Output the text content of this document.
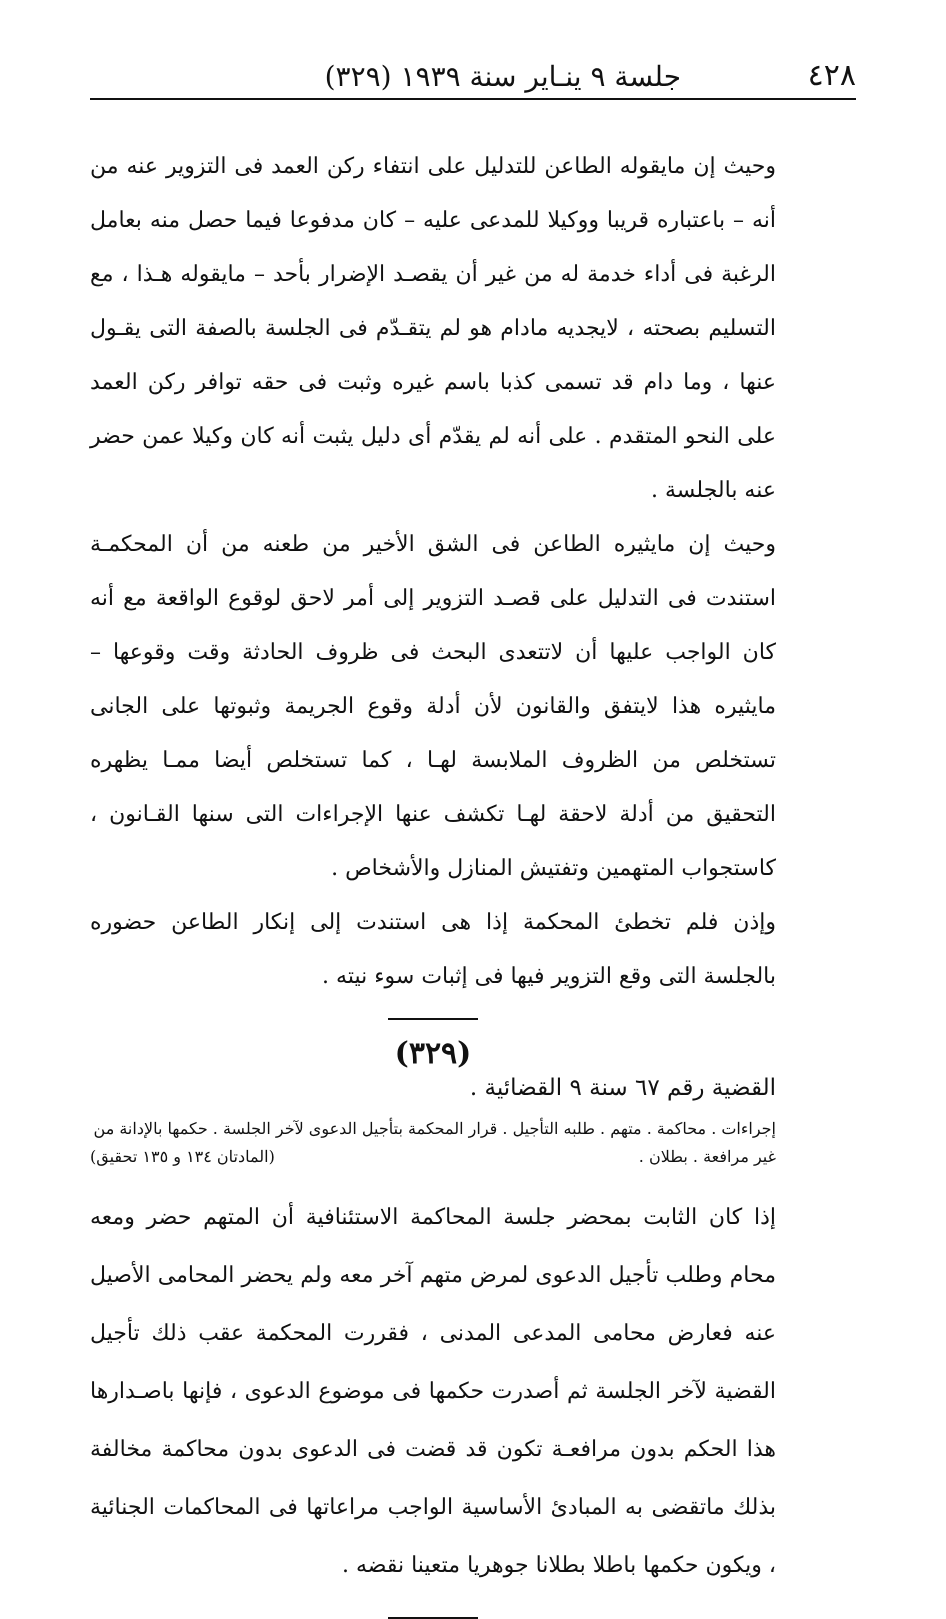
٤٢٨
جلسة ٩ ينـاير سنة ١٩٣٩ (٣٢٩)

وحيث إن مايقوله الطاعن للتدليل على انتفاء ركن العمد فى التزوير عنه من أنه – باعتباره قريبا ووكيلا للمدعى عليه – كان مدفوعا فيما حصل منه بعامل الرغبة فى أداء خدمة له من غير أن يقصـد الإضرار بأحد – مايقوله هـذا ، مع التسليم بصحته ، لايجديه مادام هو لم يتقـدّم فى الجلسة بالصفة التى يقـول عنها ، وما دام قد تسمى كذبا باسم غيره وثبت فى حقه توافر ركن العمد على النحو المتقدم . على أنه لم يقدّم أى دليل يثبت أنه كان وكيلا عمن حضر عنه بالجلسة .

وحيث إن مايثيره الطاعن فى الشق الأخير من طعنه من أن المحكمـة استندت فى التدليل على قصـد التزوير إلى أمر لاحق لوقوع الواقعة مع أنه كان الواجب عليها أن لاتتعدى البحث فى ظروف الحادثة وقت وقوعها – مايثيره هذا لايتفق والقانون لأن أدلة وقوع الجريمة وثبوتها على الجانى تستخلص من الظروف الملابسة لهـا ، كما تستخلص أيضا ممـا يظهره التحقيق من أدلة لاحقة لهـا تكشف عنها الإجراءات التى سنها القـانون ، كاستجواب المتهمين وتفتيش المنازل والأشخاص .

وإذن فلم تخطئ المحكمة إذا هى استندت إلى إنكار الطاعن حضوره بالجلسة التى وقع التزوير فيها فى إثبات سوء نيته .

(٣٢٩)
القضية رقم ٦٧ سنة ٩ القضائية .
إجراءات . محاكمة . متهم . طلبه التأجيل . قرار المحكمة بتأجيل الدعوى لآخر الجلسة . حكمها بالإدانة من غير مرافعة . بطلان .
(المادتان ١٣٤ و ١٣٥ تحقيق)

إذا كان الثابت بمحضر جلسة المحاكمة الاستئنافية أن المتهم حضر ومعه محام وطلب تأجيل الدعوى لمرض متهم آخر معه ولم يحضر المحامى الأصيل عنه فعارض محامى المدعى المدنى ، فقررت المحكمة عقب ذلك تأجيل القضية لآخر الجلسة ثم أصدرت حكمها فى موضوع الدعوى ، فإنها باصـدارها هذا الحكم بدون مرافعـة تكون قد قضت فى الدعوى بدون محاكمة مخالفة بذلك ماتقضى به المبادئ الأساسية الواجب مراعاتها فى المحاكمات الجنائية ، ويكون حكمها باطلا بطلانا جوهريا متعينا نقضه .
